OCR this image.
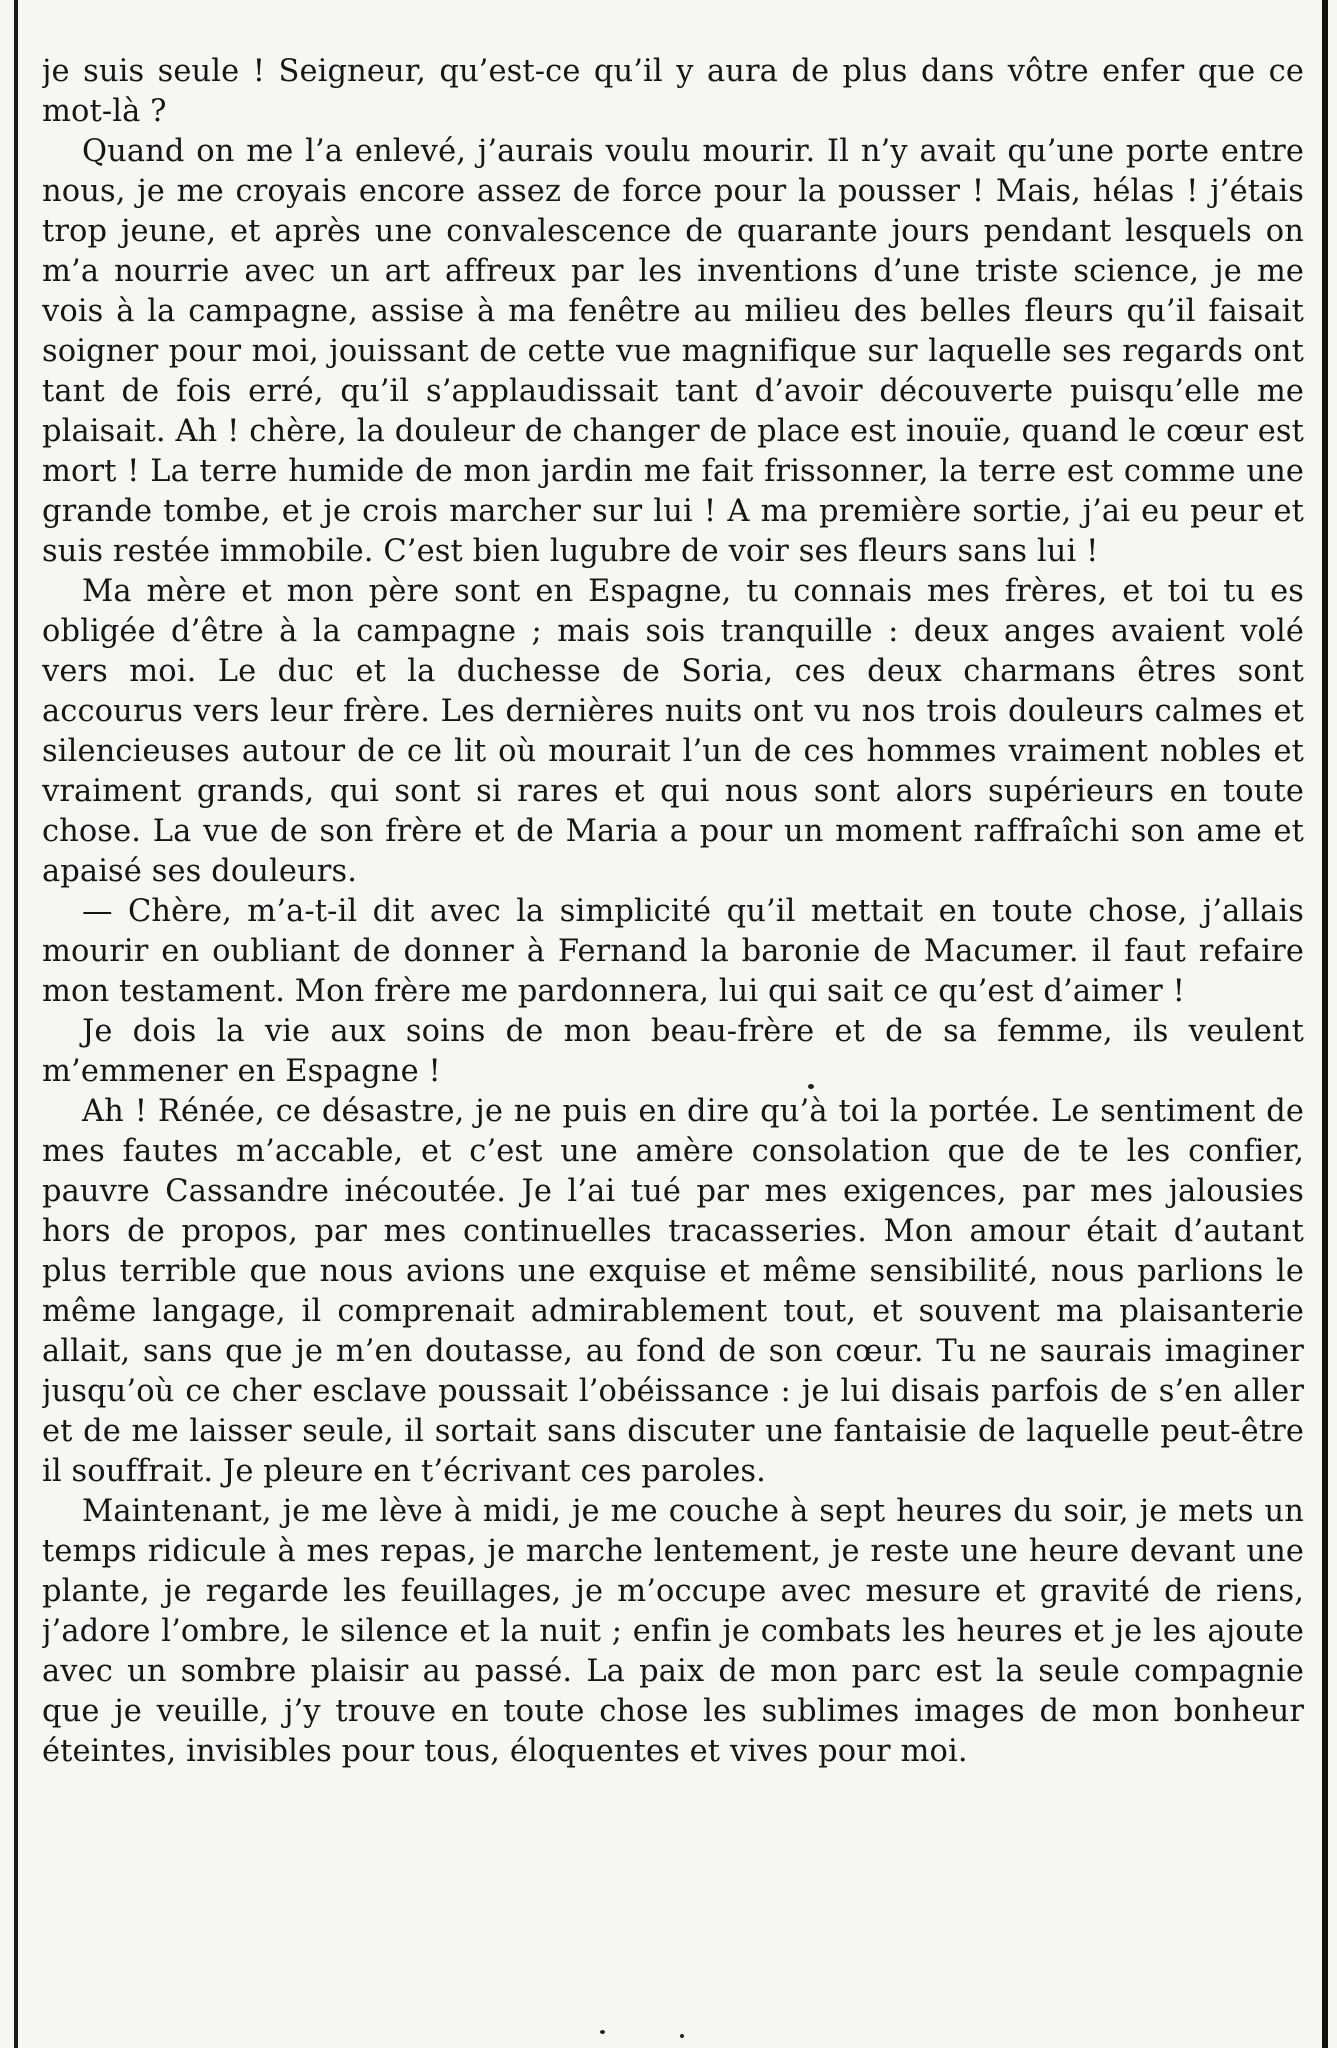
je suis seule ! Seigneur, qu’est-ce qu’il y aura de plus dans vôtre enfer que ce mot-là ?

Quand on me l’a enlevé, j’aurais voulu mourir. Il n’y avait qu’une porte entre nous, je me croyais encore assez de force pour la pousser ! Mais, hélas ! j’étais trop jeune, et après une convalescence de quarante jours pendant lesquels on m’a nourrie avec un art affreux par les inventions d’une triste science, je me vois à la campagne, assise à ma fenêtre au milieu des belles fleurs qu’il faisait soigner pour moi, jouissant de cette vue magnifique sur laquelle ses regards ont tant de fois erré, qu’il s’applaudissait tant d’avoir découverte puisqu’elle me plaisait. Ah ! chère, la douleur de changer de place est inouïe, quand le cœur est mort ! La terre humide de mon jardin me fait frissonner, la terre est comme une grande tombe, et je crois marcher sur lui ! A ma première sortie, j’ai eu peur et suis restée immobile. C’est bien lugubre de voir ses fleurs sans lui !

Ma mère et mon père sont en Espagne, tu connais mes frères, et toi tu es obligée d’être à la campagne ; mais sois tranquille : deux anges avaient volé vers moi. Le duc et la duchesse de Soria, ces deux charmans êtres sont accourus vers leur frère. Les dernières nuits ont vu nos trois douleurs calmes et silencieuses autour de ce lit où mourait l’un de ces hommes vraiment nobles et vraiment grands, qui sont si rares et qui nous sont alors supérieurs en toute chose. La vue de son frère et de Maria a pour un moment raffraîchi son ame et apaisé ses douleurs.

— Chère, m’a-t-il dit avec la simplicité qu’il mettait en toute chose, j’allais mourir en oubliant de donner à Fernand la baronie de Macumer. il faut refaire mon testament. Mon frère me pardonnera, lui qui sait ce qu’est d’aimer !

Je dois la vie aux soins de mon beau-frère et de sa femme, ils veulent m’emmener en Espagne !

Ah ! Rénée, ce désastre, je ne puis en dire qu’à toi la portée. Le sentiment de mes fautes m’accable, et c’est une amère consolation que de te les confier, pauvre Cassandre inécoutée. Je l’ai tué par mes exigences, par mes jalousies hors de propos, par mes continuelles tracasseries. Mon amour était d’autant plus terrible que nous avions une exquise et même sensibilité, nous parlions le même langage, il comprenait admirablement tout, et souvent ma plaisanterie allait, sans que je m’en doutasse, au fond de son cœur. Tu ne saurais imaginer jusqu’où ce cher esclave poussait l’obéissance : je lui disais parfois de s’en aller et de me laisser seule, il sortait sans discuter une fantaisie de laquelle peut-être il souffrait. Je pleure en t’écrivant ces paroles.

Maintenant, je me lève à midi, je me couche à sept heures du soir, je mets un temps ridicule à mes repas, je marche lentement, je reste une heure devant une plante, je regarde les feuillages, je m’occupe avec mesure et gravité de riens, j’adore l’ombre, le silence et la nuit ; enfin je combats les heures et je les ajoute avec un sombre plaisir au passé. La paix de mon parc est la seule compagnie que je veuille, j’y trouve en toute chose les sublimes images de mon bonheur éteintes, invisibles pour tous, éloquentes et vives pour moi.
